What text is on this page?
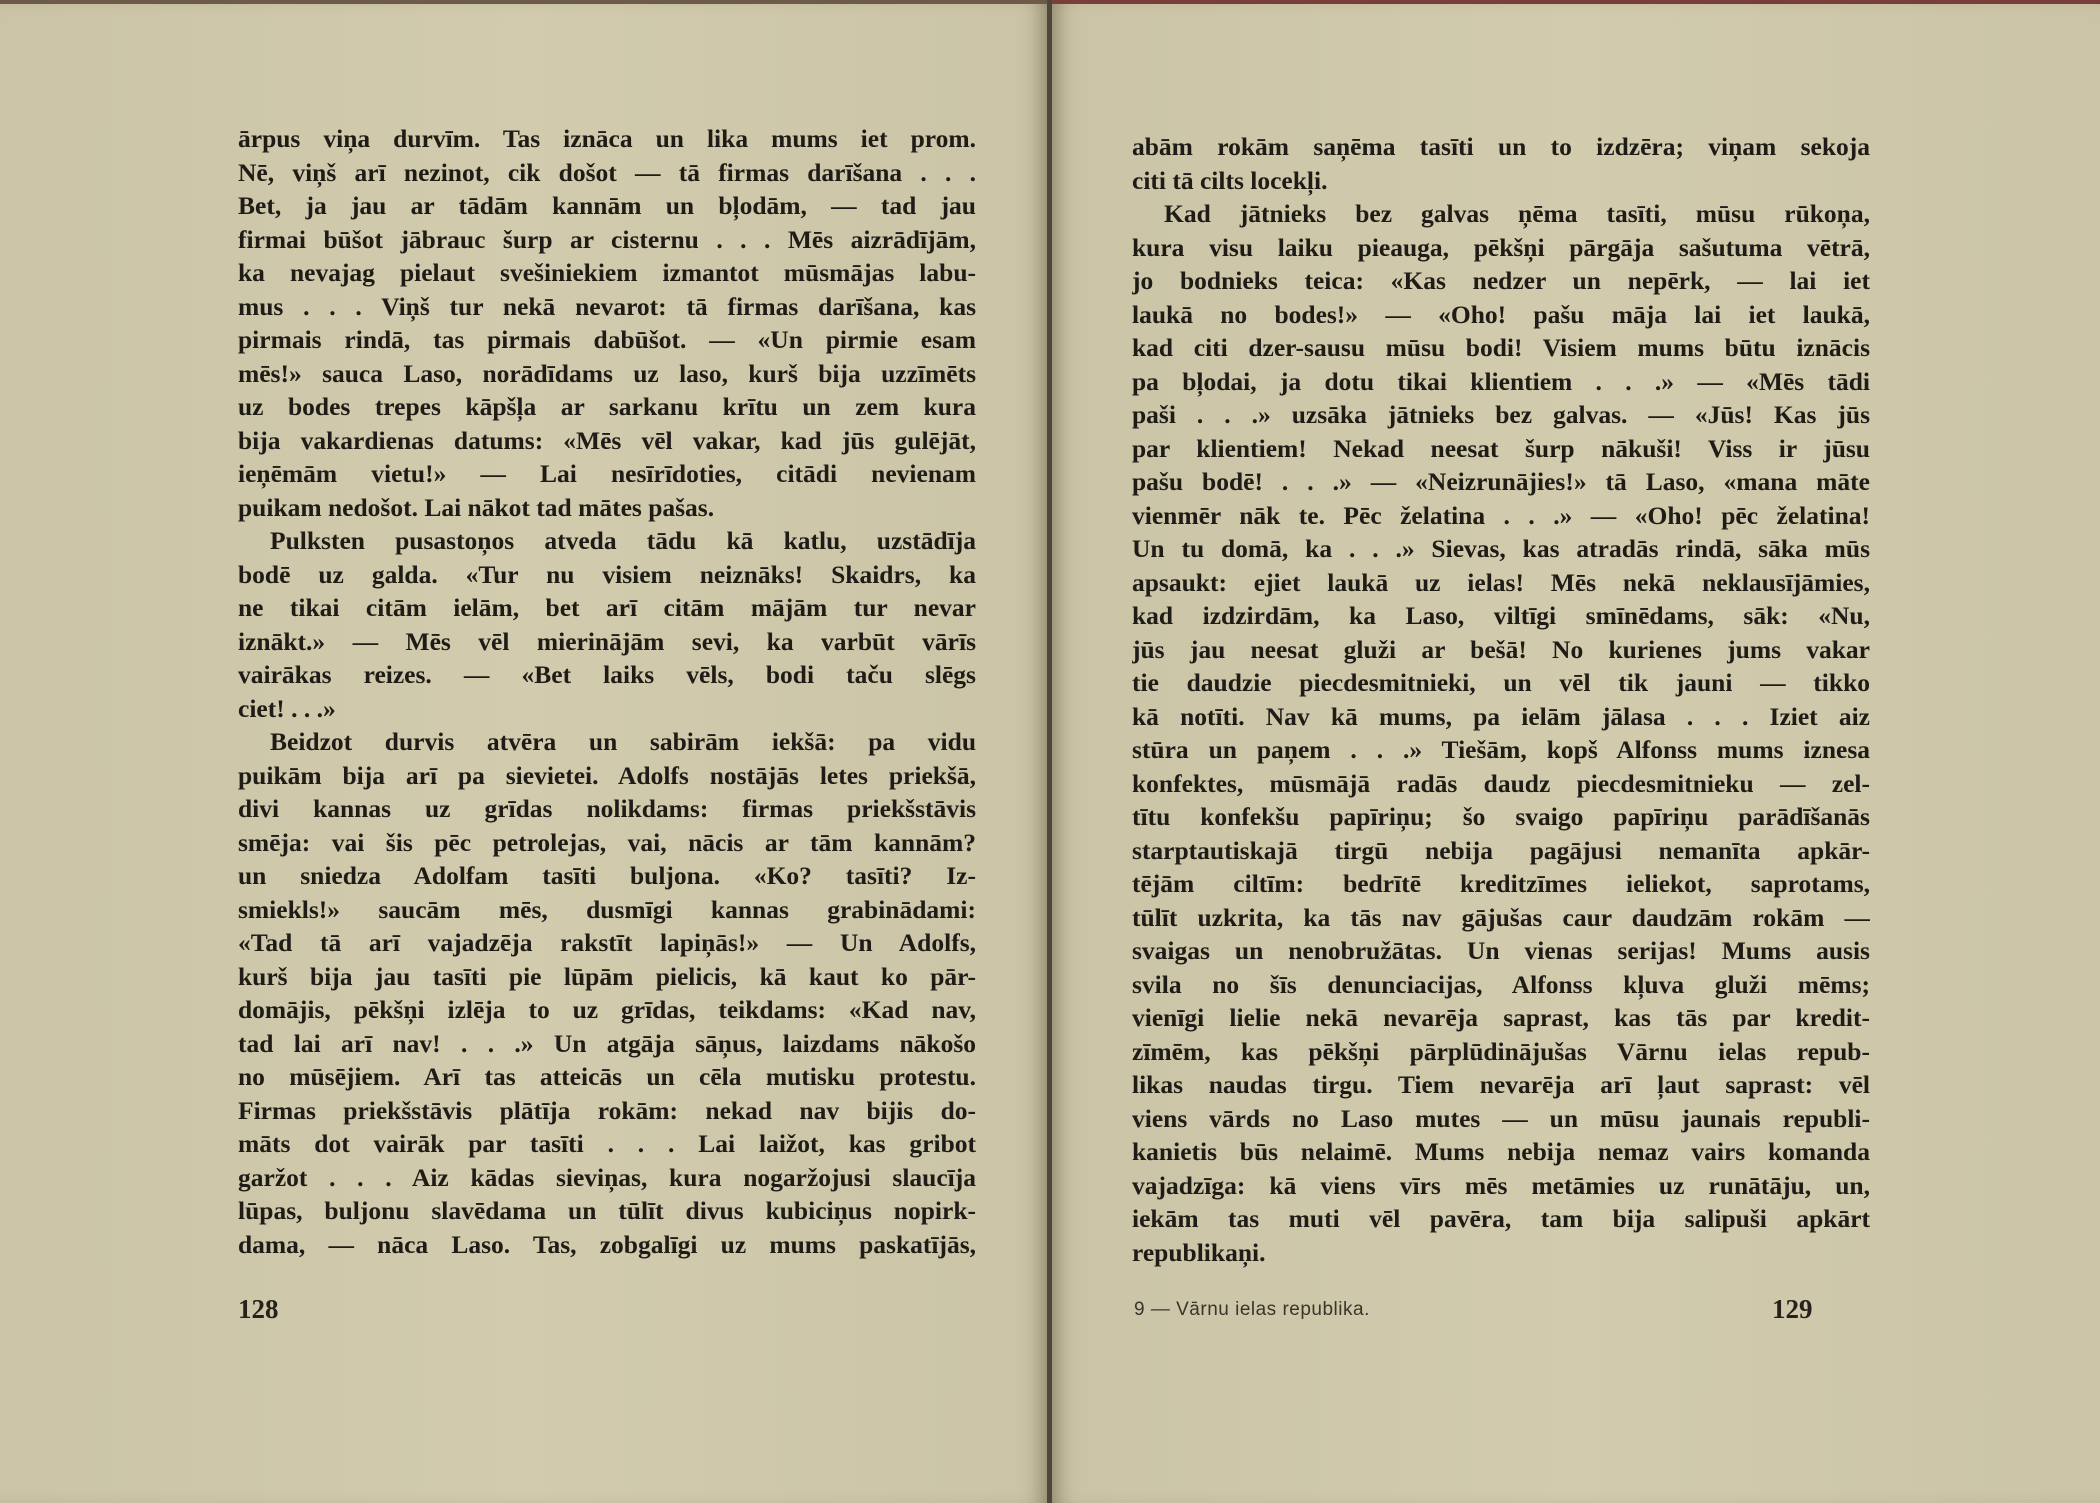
ārpus viņa durvīm. Tas iznāca un lika mums iet prom.
Nē, viņš arī nezinot, cik došot — tā firmas darīšana . . .
Bet, ja jau ar tādām kannām un bļodām, — tad jau
firmai būšot jābrauc šurp ar cisternu . . . Mēs aizrādījām,
ka nevajag pielaut svešiniekiem izmantot mūsmājas labu-
mus . . . Viņš tur nekā nevarot: tā firmas darīšana, kas
pirmais rindā, tas pirmais dabūšot. — «Un pirmie esam
mēs!» sauca Laso, norādīdams uz laso, kurš bija uzzīmēts
uz bodes trepes kāpšļa ar sarkanu krītu un zem kura
bija vakardienas datums: «Mēs vēl vakar, kad jūs gulējāt,
ieņēmām vietu!» — Lai nesīrīdoties, citādi nevienam
puikam nedošot. Lai nākot tad mātes pašas.
Pulksten pusastoņos atveda tādu kā katlu, uzstādīja
bodē uz galda. «Tur nu visiem neiznāks! Skaidrs, ka
ne tikai citām ielām, bet arī citām mājām tur nevar
iznākt.» — Mēs vēl mierinājām sevi, ka varbūt vārīs
vairākas reizes. — «Bet laiks vēls, bodi taču slēgs
ciet! . . .»
Beidzot durvis atvēra un sabirām iekšā: pa vidu
puikām bija arī pa sievietei. Adolfs nostājās letes priekšā,
divi kannas uz grīdas nolikdams: firmas priekšstāvis
smēja: vai šis pēc petrolejas, vai, nācis ar tām kannām?
un sniedza Adolfam tasīti buljona. «Ko? tasīti? Iz-
smiekls!» saucām mēs, dusmīgi kannas grabinādami:
«Tad tā arī vajadzēja rakstīt lapiņās!» — Un Adolfs,
kurš bija jau tasīti pie lūpām pielicis, kā kaut ko pār-
domājis, pēkšņi izlēja to uz grīdas, teikdams: «Kad nav,
tad lai arī nav! . . .» Un atgāja sāņus, laizdams nākošo
no mūsējiem. Arī tas atteicās un cēla mutisku protestu.
Firmas priekšstāvis plātīja rokām: nekad nav bijis do-
māts dot vairāk par tasīti . . . Lai laižot, kas gribot
garžot . . . Aiz kādas sieviņas, kura nogaržojusi slaucīja
lūpas, buljonu slavēdama un tūlīt divus kubiciņus nopirk-
dama, — nāca Laso. Tas, zobgalīgi uz mums paskatījās,
128
abām rokām saņēma tasīti un to izdzēra; viņam sekoja
citi tā cilts locekļi.
Kad jātnieks bez galvas ņēma tasīti, mūsu rūkoņa,
kura visu laiku pieauga, pēkšņi pārgāja sašutuma vētrā,
jo bodnieks teica: «Kas nedzer un nepērk, — lai iet
laukā no bodes!» — «Oho! pašu māja lai iet laukā,
kad citi dzer-sausu mūsu bodi! Visiem mums būtu iznācis
pa bļodai, ja dotu tikai klientiem . . .» — «Mēs tādi
paši . . .» uzsāka jātnieks bez galvas. — «Jūs! Kas jūs
par klientiem! Nekad neesat šurp nākuši! Viss ir jūsu
pašu bodē! . . .» — «Neizrunājies!» tā Laso, «mana māte
vienmēr nāk te. Pēc želatina . . .» — «Oho! pēc želatina!
Un tu domā, ka . . .» Sievas, kas atradās rindā, sāka mūs
apsaukt: ejiet laukā uz ielas! Mēs nekā neklausījāmies,
kad izdzirdām, ka Laso, viltīgi smīnēdams, sāk: «Nu,
jūs jau neesat gluži ar bešā! No kurienes jums vakar
tie daudzie piecdesmitnieki, un vēl tik jauni — tikko
kā notīti. Nav kā mums, pa ielām jālasa . . . Iziet aiz
stūra un paņem . . .» Tiešām, kopš Alfonss mums iznesa
konfektes, mūsmājā radās daudz piecdesmitnieku — zel-
tītu konfekšu papīriņu; šo svaigo papīriņu parādīšanās
starptautiskajā tirgū nebija pagājusi nemanīta apkār-
tējām ciltīm: bedrītē kreditzīmes ieliekot, saprotams,
tūlīt uzkrita, ka tās nav gājušas caur daudzām rokām —
svaigas un nenobružātas. Un vienas serijas! Mums ausis
svila no šīs denunciacijas, Alfonss kļuva gluži mēms;
vienīgi lielie nekā nevarēja saprast, kas tās par kredit-
zīmēm, kas pēkšņi pārplūdinājušas Vārnu ielas repub-
likas naudas tirgu. Tiem nevarēja arī ļaut saprast: vēl
viens vārds no Laso mutes — un mūsu jaunais republi-
kanietis būs nelaimē. Mums nebija nemaz vairs komanda
vajadzīga: kā viens vīrs mēs metāmies uz runātāju, un,
iekām tas muti vēl pavēra, tam bija salipuši apkārt
republikaņi.
9 — Vārnu ielas republika.	129
